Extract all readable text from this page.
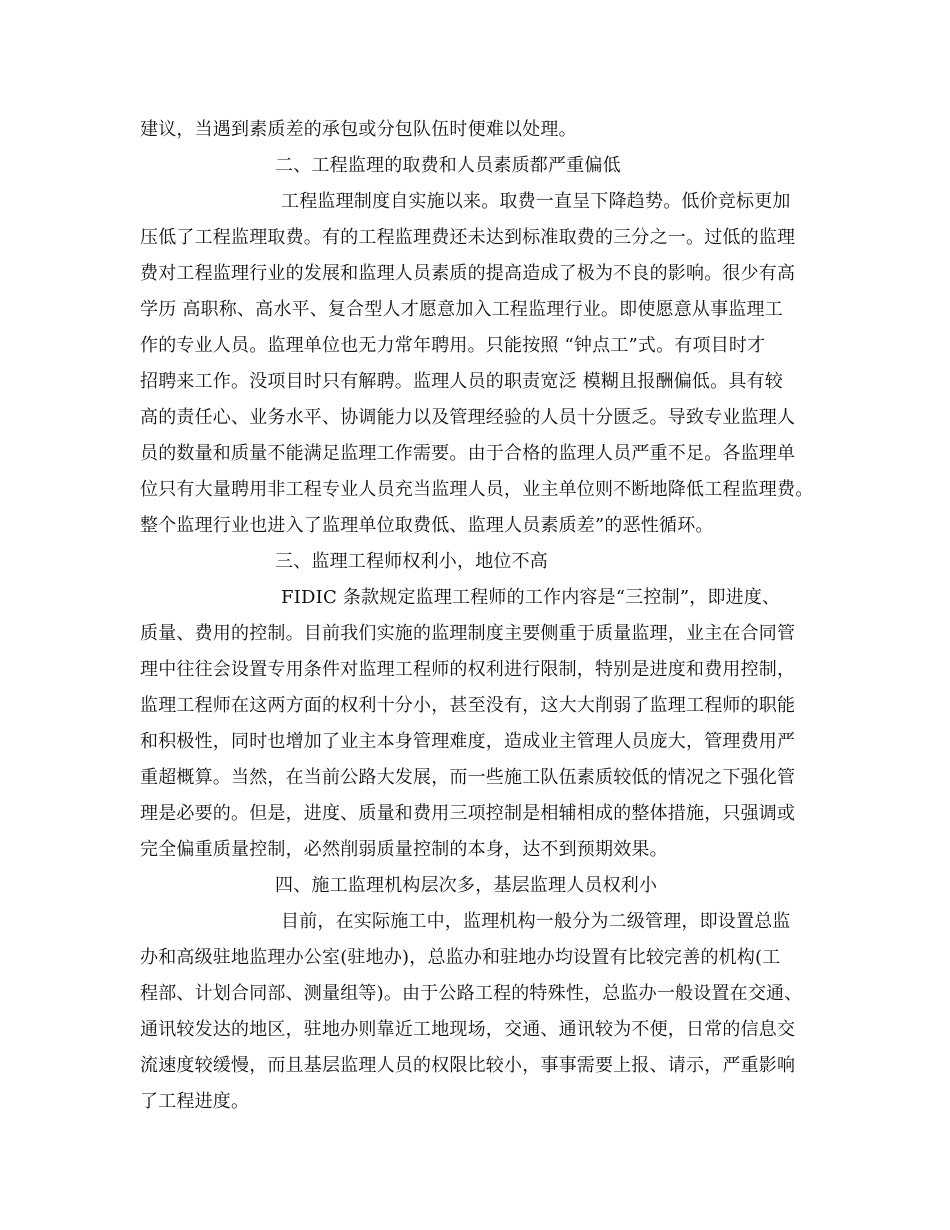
建议，当遇到素质差的承包或分包队伍时便难以处理。
二、工程监理的取费和人员素质都严重偏低
工程监理制度自实施以来。取费一直呈下降趋势。低价竞标更加
压低了工程监理取费。有的工程监理费还未达到标准取费的三分之一。过低的监理
费对工程监理行业的发展和监理人员素质的提高造成了极为不良的影响。很少有高
学历 高职称、高水平、复合型人才愿意加入工程监理行业。即使愿意从事监理工
作的专业人员。监理单位也无力常年聘用。只能按照 “钟点工”式。有项目时才
招聘来工作。没项目时只有解聘。监理人员的职责宽泛 模糊且报酬偏低。具有较
高的责任心、业务水平、协调能力以及管理经验的人员十分匮乏。导致专业监理人
员的数量和质量不能满足监理工作需要。由于合格的监理人员严重不足。各监理单
位只有大量聘用非工程专业人员充当监理人员，业主单位则不断地降低工程监理费。
整个监理行业也进入了监理单位取费低、监理人员素质差”的恶性循环。
三、监理工程师权利小，地位不高
FIDIC 条款规定监理工程师的工作内容是“三控制”，即进度、
质量、费用的控制。目前我们实施的监理制度主要侧重于质量监理，业主在合同管
理中往往会设置专用条件对监理工程师的权利进行限制，特别是进度和费用控制，
监理工程师在这两方面的权利十分小，甚至没有，这大大削弱了监理工程师的职能
和积极性，同时也增加了业主本身管理难度，造成业主管理人员庞大，管理费用严
重超概算。当然，在当前公路大发展，而一些施工队伍素质较低的情况之下强化管
理是必要的。但是，进度、质量和费用三项控制是相辅相成的整体措施，只强调或
完全偏重质量控制，必然削弱质量控制的本身，达不到预期效果。
四、施工监理机构层次多，基层监理人员权利小
目前，在实际施工中，监理机构一般分为二级管理，即设置总监
办和高级驻地监理办公室(驻地办)，总监办和驻地办均设置有比较完善的机构(工
程部、计划合同部、测量组等)。由于公路工程的特殊性，总监办一般设置在交通、
通讯较发达的地区，驻地办则靠近工地现场，交通、通讯较为不便，日常的信息交
流速度较缓慢，而且基层监理人员的权限比较小，事事需要上报、请示，严重影响
了工程进度。
